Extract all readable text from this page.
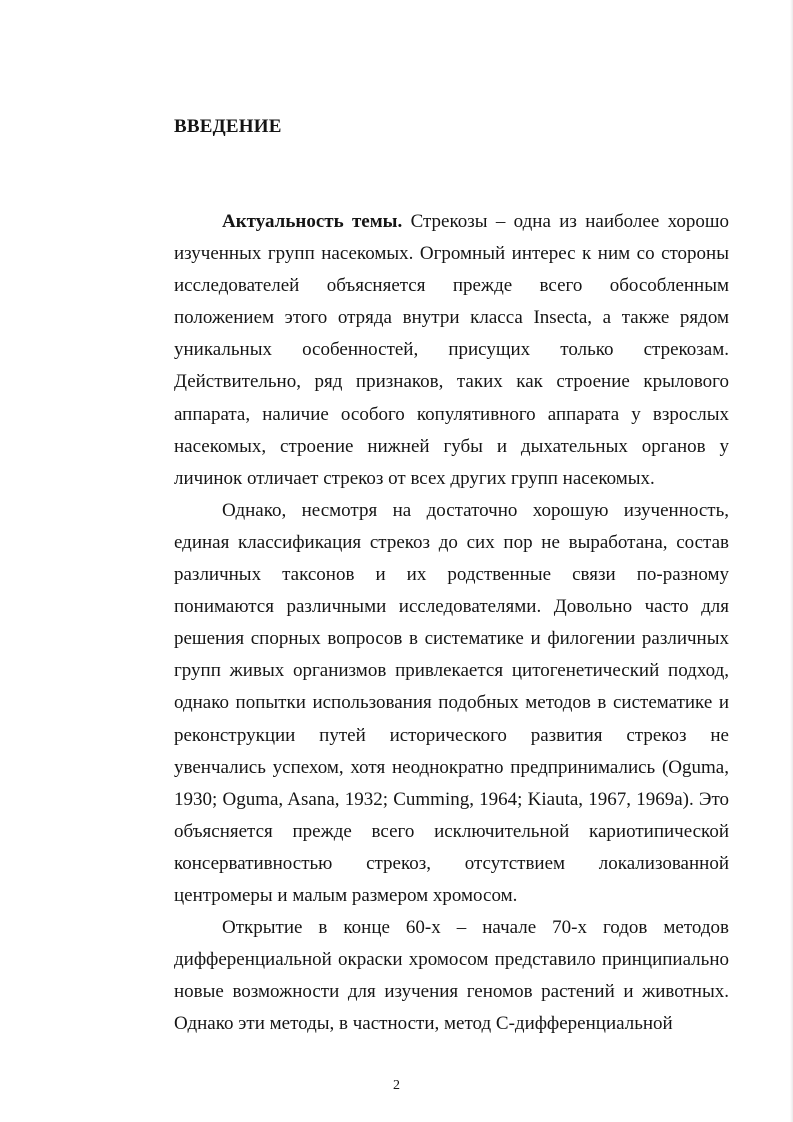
ВВЕДЕНИЕ

Актуальность темы. Стрекозы – одна из наиболее хорошо изученных групп насекомых. Огромный интерес к ним со стороны исследователей объясняется прежде всего обособленным положением этого отряда внутри класса Insecta, а также рядом уникальных особенностей, присущих только стрекозам. Действительно, ряд признаков, таких как строение крылового аппарата, наличие особого копулятивного аппарата у взрослых насекомых, строение нижней губы и дыхательных органов у личинок отличает стрекоз от всех других групп насекомых.

Однако, несмотря на достаточно хорошую изученность, единая классификация стрекоз до сих пор не выработана, состав различных таксонов и их родственные связи по-разному понимаются различными исследователями. Довольно часто для решения спорных вопросов в систематике и филогении различных групп живых организмов привлекается цитогенетический подход, однако попытки использования подобных методов в систематике и реконструкции путей исторического развития стрекоз не увенчались успехом, хотя неоднократно предпринимались (Oguma, 1930; Oguma, Asana, 1932; Cumming, 1964; Kiauta, 1967, 1969a). Это объясняется прежде всего исключительной кариотипической консервативностью стрекоз, отсутствием локализованной центромеры и малым размером хромосом.

Открытие в конце 60-х – начале 70-х годов методов дифференциальной окраски хромосом представило принципиально новые возможности для изучения геномов растений и животных. Однако эти методы, в частности, метод C-дифференциальной

2
